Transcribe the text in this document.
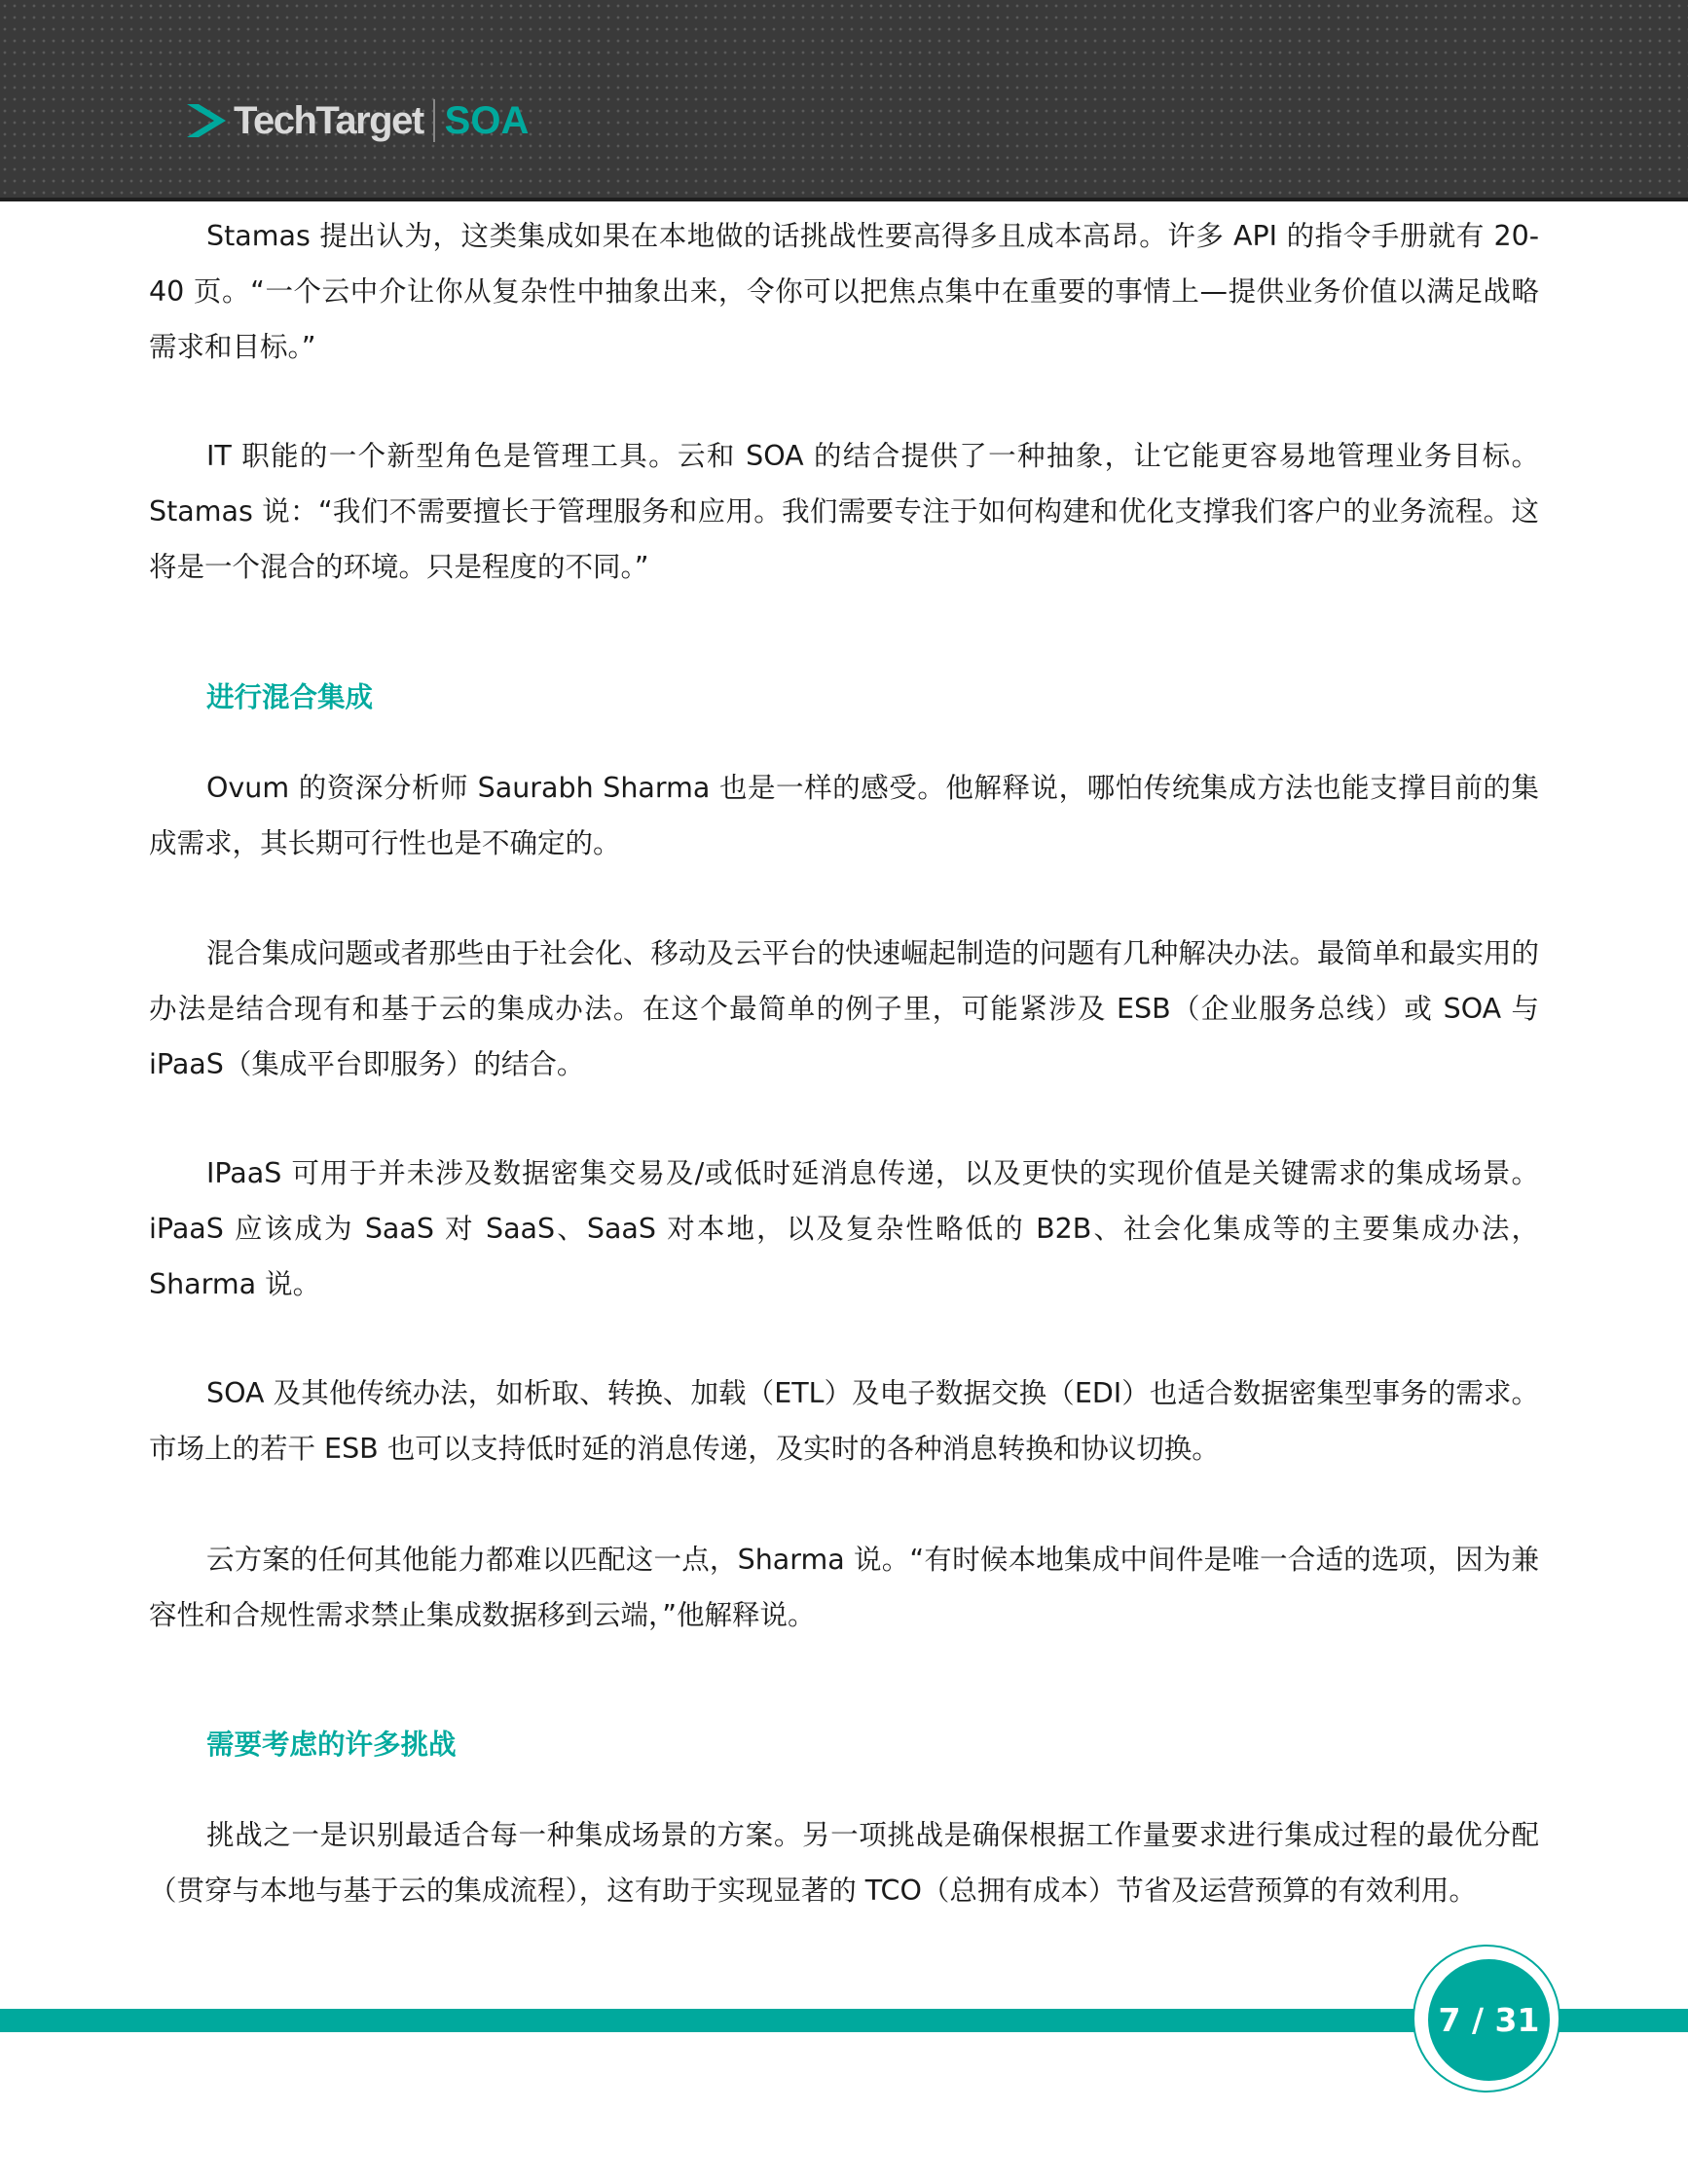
TechTarget SOA

Stamas 提出认为，这类集成如果在本地做的话挑战性要高得多且成本高昂。许多 API 的指令手册就有 20-40 页。“一个云中介让你从复杂性中抽象出来，令你可以把焦点集中在重要的事情上—提供业务价值以满足战略需求和目标。”

IT 职能的一个新型角色是管理工具。云和 SOA 的结合提供了一种抽象，让它能更容易地管理业务目标。Stamas 说：“我们不需要擅长于管理服务和应用。我们需要专注于如何构建和优化支撑我们客户的业务流程。这将是一个混合的环境。只是程度的不同。”

进行混合集成

Ovum 的资深分析师 Saurabh Sharma 也是一样的感受。他解释说，哪怕传统集成方法也能支撑目前的集成需求，其长期可行性也是不确定的。

混合集成问题或者那些由于社会化、移动及云平台的快速崛起制造的问题有几种解决办法。最简单和最实用的办法是结合现有和基于云的集成办法。在这个最简单的例子里，可能紧涉及 ESB（企业服务总线）或 SOA 与 iPaaS（集成平台即服务）的结合。

IPaaS 可用于并未涉及数据密集交易及/或低时延消息传递，以及更快的实现价值是关键需求的集成场景。iPaaS 应该成为 SaaS 对 SaaS、SaaS 对本地，以及复杂性略低的 B2B、社会化集成等的主要集成办法，Sharma 说。

SOA 及其他传统办法，如析取、转换、加载（ETL）及电子数据交换（EDI）也适合数据密集型事务的需求。市场上的若干 ESB 也可以支持低时延的消息传递，及实时的各种消息转换和协议切换。

云方案的任何其他能力都难以匹配这一点，Sharma 说。“有时候本地集成中间件是唯一合适的选项，因为兼容性和合规性需求禁止集成数据移到云端，”他解释说。

需要考虑的许多挑战

挑战之一是识别最适合每一种集成场景的方案。另一项挑战是确保根据工作量要求进行集成过程的最优分配（贯穿与本地与基于云的集成流程），这有助于实现显著的 TCO（总拥有成本）节省及运营预算的有效利用。

7 / 31
